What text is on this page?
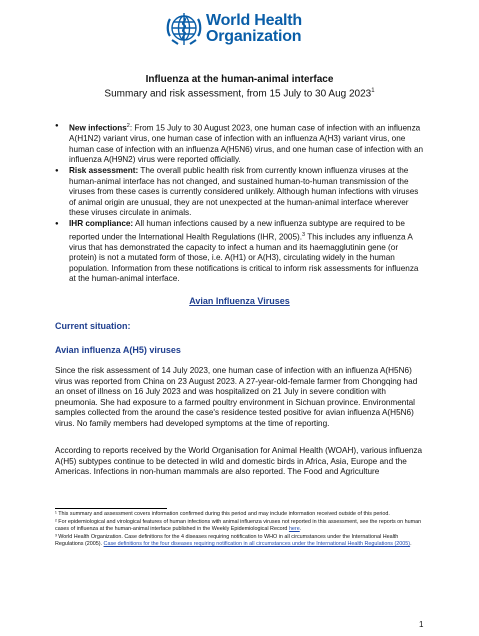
World Health
Organization
Influenza at the human-animal interface
Summary and risk assessment, from 15 July to 30 Aug 2023$^1$
● New infections$^2$: From 15 July to 30 August 2023, one human case of infection with an influenza A(H1N2) variant virus, one human case of infection with an influenza A(H3) variant virus, one human case of infection with an influenza A(H5N6) virus, and one human case of infection with an influenza A(H9N2) virus were reported officially.
● Risk assessment: The overall public health risk from currently known influenza viruses at the human-animal interface has not changed, and sustained human-to-human transmission of the viruses from these cases is currently considered unlikely. Although human infections with viruses of animal origin are unusual, they are not unexpected at the human-animal interface wherever these viruses circulate in animals.
● IHR compliance: All human infections caused by a new influenza subtype are required to be reported under the International Health Regulations (IHR, 2005).$^3$ This includes any influenza A virus that has demonstrated the capacity to infect a human and its haemagglutinin gene (or protein) is not a mutated form of those, i.e. A(H1) or A(H3), circulating widely in the human population. Information from these notifications is critical to inform risk assessments for influenza at the human-animal interface.
Avian Influenza Viruses
Current situation:
Avian influenza A(H5) viruses

Since the risk assessment of 14 July 2023, one human case of infection with an influenza A(H5N6) virus was reported from China on 23 August 2023. A 27-year-old-female farmer from Chongqing had an onset of illness on 16 July 2023 and was hospitalized on 21 July in severe condition with pneumonia. She had exposure to a farmed poultry environment in Sichuan province. Environmental samples collected from the around the case's residence tested positive for avian influenza A(H5N6) virus. No family members had developed symptoms at the time of reporting.

According to reports received by the World Organisation for Animal Health (WOAH), various influenza A(H5) subtypes continue to be detected in wild and domestic birds in Africa, Asia, Europe and the Americas. Infections in non-human mammals are also reported. The Food and Agriculture

¹ This summary and assessment covers information confirmed during this period and may include information received outside of this period.

² For epidemiological and virological features of human infections with animal influenza viruses not reported in this assessment, see the reports on human cases of influenza at the human-animal interface published in the Weekly Epidemiological Record here.

³ World Health Organization. Case definitions for the 4 diseases requiring notification to WHO in all circumstances under the International Health Regulations (2005). Case definitions for the four diseases requiring notification in all circumstances under the International Health Regulations (2005).

1
